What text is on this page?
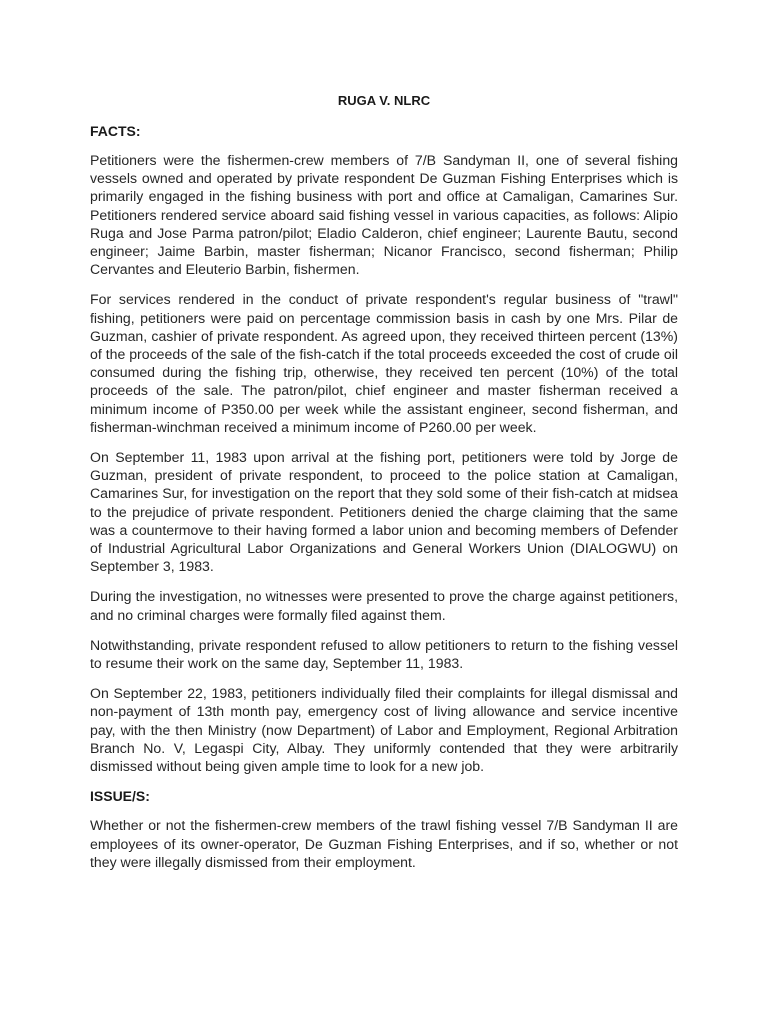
RUGA V. NLRC
FACTS:

Petitioners were the fishermen-crew members of 7/B Sandyman II, one of several fishing vessels owned and operated by private respondent De Guzman Fishing Enterprises which is primarily engaged in the fishing business with port and office at Camaligan, Camarines Sur. Petitioners rendered service aboard said fishing vessel in various capacities, as follows: Alipio Ruga and Jose Parma patron/pilot; Eladio Calderon, chief engineer; Laurente Bautu, second engineer; Jaime Barbin, master fisherman; Nicanor Francisco, second fisherman; Philip Cervantes and Eleuterio Barbin, fishermen.

For services rendered in the conduct of private respondent's regular business of "trawl" fishing, petitioners were paid on percentage commission basis in cash by one Mrs. Pilar de Guzman, cashier of private respondent. As agreed upon, they received thirteen percent (13%) of the proceeds of the sale of the fish-catch if the total proceeds exceeded the cost of crude oil consumed during the fishing trip, otherwise, they received ten percent (10%) of the total proceeds of the sale. The patron/pilot, chief engineer and master fisherman received a minimum income of P350.00 per week while the assistant engineer, second fisherman, and fisherman-winchman received a minimum income of P260.00 per week.

On September 11, 1983 upon arrival at the fishing port, petitioners were told by Jorge de Guzman, president of private respondent, to proceed to the police station at Camaligan, Camarines Sur, for investigation on the report that they sold some of their fish-catch at midsea to the prejudice of private respondent. Petitioners denied the charge claiming that the same was a countermove to their having formed a labor union and becoming members of Defender of Industrial Agricultural Labor Organizations and General Workers Union (DIALOGWU) on September 3, 1983.

During the investigation, no witnesses were presented to prove the charge against petitioners, and no criminal charges were formally filed against them.

Notwithstanding, private respondent refused to allow petitioners to return to the fishing vessel to resume their work on the same day, September 11, 1983.

On September 22, 1983, petitioners individually filed their complaints for illegal dismissal and non-payment of 13th month pay, emergency cost of living allowance and service incentive pay, with the then Ministry (now Department) of Labor and Employment, Regional Arbitration Branch No. V, Legaspi City, Albay. They uniformly contended that they were arbitrarily dismissed without being given ample time to look for a new job.

ISSUE/S:

Whether or not the fishermen-crew members of the trawl fishing vessel 7/B Sandyman II are employees of its owner-operator, De Guzman Fishing Enterprises, and if so, whether or not they were illegally dismissed from their employment.
